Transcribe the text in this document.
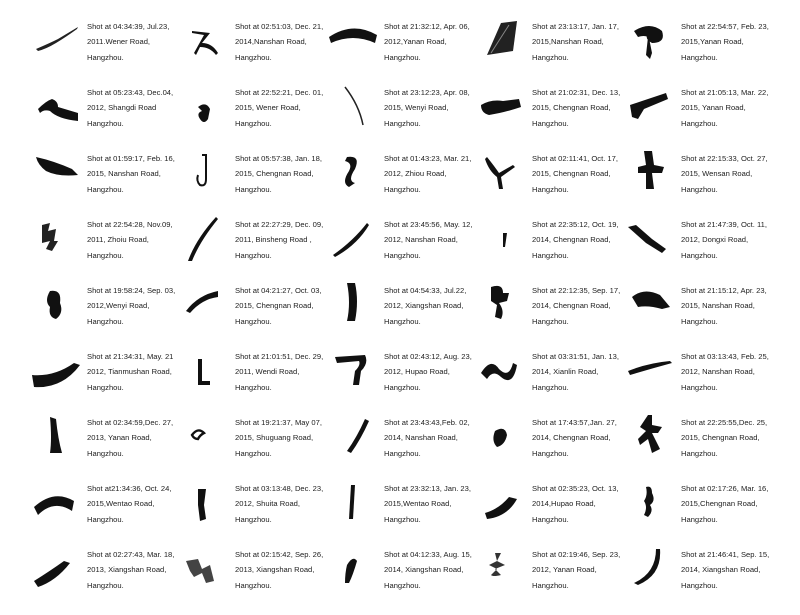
Shot at 04:34:39, Jul.23, 2011.Wener Road, Hangzhou.
Shot at 02:51:03, Dec. 21, 2014,Nanshan Road, Hangzhou.
Shot at 21:32:12, Apr. 06, 2012,Yanan Road, Hangzhou.
Shot at 23:13:17, Jan. 17, 2015,Nanshan Road, Hangzhou.
Shot at 22:54:57, Feb. 23, 2015,Yanan Road, Hangzhou.
Shot at 05:23:43, Dec.04, 2012, Shangdi Road Hangzhou.
Shot at 22:52:21, Dec. 01, 2015, Wener Road, Hangzhou.
Shot at 23:12:23, Apr. 08, 2015, Wenyi Road, Hangzhou.
Shot at 21:02:31, Dec. 13, 2015, Chengnan Road, Hangzhou.
Shot at 21:05:13, Mar. 22, 2015, Yanan Road, Hangzhou.
Shot at 01:59:17, Feb. 16, 2015, Nanshan Road, Hangzhou.
Shot at 05:57:38, Jan. 18, 2015, Chengnan Road, Hangzhou.
Shot at 01:43:23, Mar. 21, 2012, Zhiou Road, Hangzhou.
Shot at 02:11:41, Oct. 17, 2015, Chengnan Road, Hangzhou.
Shot at 22:15:33, Oct. 27, 2015, Wensan Road, Hangzhou.
Shot at 22:54:28, Nov.09, 2011, Zhoiu Road, Hangzhou.
Shot at 22:27:29, Dec. 09, 2011, Binsheng Road , Hangzhou.
Shot at 23:45:56, May. 12, 2012, Nanshan Road, Hangzhou.
Shot at 22:35:12, Oct. 19, 2014, Chengnan Road, Hangzhou.
Shot at 21:47:39, Oct. 11, 2012, Dongxi Road, Hangzhou.
Shot at 19:58:24, Sep. 03, 2012,Wenyi Road, Hangzhou.
Shot at 04:21:27, Oct. 03, 2015, Chengnan Road, Hangzhou.
Shot at 04:54:33, Jul.22, 2012, Xiangshan Road, Hangzhou.
Shot at 22:12:35, Sep. 17, 2014, Chengnan Road, Hangzhou.
Shot at 21:15:12, Apr. 23, 2015, Nanshan Road, Hangzhou.
Shot at 21:34:31, May. 21 2012, Tianmushan Road, Hangzhou.
Shot at 21:01:51, Dec. 29, 2011, Wendi Road, Hangzhou.
Shot at 02:43:12, Aug. 23, 2012, Hupao Road, Hangzhou.
Shot at 03:31:51, Jan. 13, 2014, Xianlin Road, Hangzhou.
Shot at 03:13:43, Feb. 25, 2012, Nanshan Road, Hangzhou.
Shot at 02:34:59,Dec. 27, 2013, Yanan Road, Hangzhou.
Shot at 19:21:37, May 07, 2015, Shuguang Road, Hangzhou.
Shot at 23:43:43,Feb. 02, 2014, Nanshan Road, Hangzhou.
Shot at 17:43:57,Jan. 27, 2014, Chengnan Road, Hangzhou.
Shot at 22:25:55,Dec. 25, 2015, Chengnan Road, Hangzhou.
Shot at21:34:36, Oct. 24, 2015,Wentao Road, Hangzhou.
Shot at 03:13:48, Dec. 23, 2012, Shuita Road, Hangzhou.
Shot at 23:32:13, Jan. 23, 2015,Wentao Road, Hangzhou.
Shot at 02:35:23, Oct. 13, 2014,Hupao Road, Hangzhou.
Shot at 02:17:26, Mar. 16, 2015,Chengnan Road, Hangzhou.
Shot at 02:27:43, Mar. 18, 2013, Xiangshan Road, Hangzhou.
Shot at 02:15:42, Sep. 26, 2013, Xiangshan Road, Hangzhou.
Shot at 04:12:33, Aug. 15, 2014, Xiangshan Road, Hangzhou.
Shot at 02:19:46, Sep. 23, 2012, Yanan Road, Hangzhou.
Shot at 21:46:41, Sep. 15, 2014, Xiangshan Road, Hangzhou.
